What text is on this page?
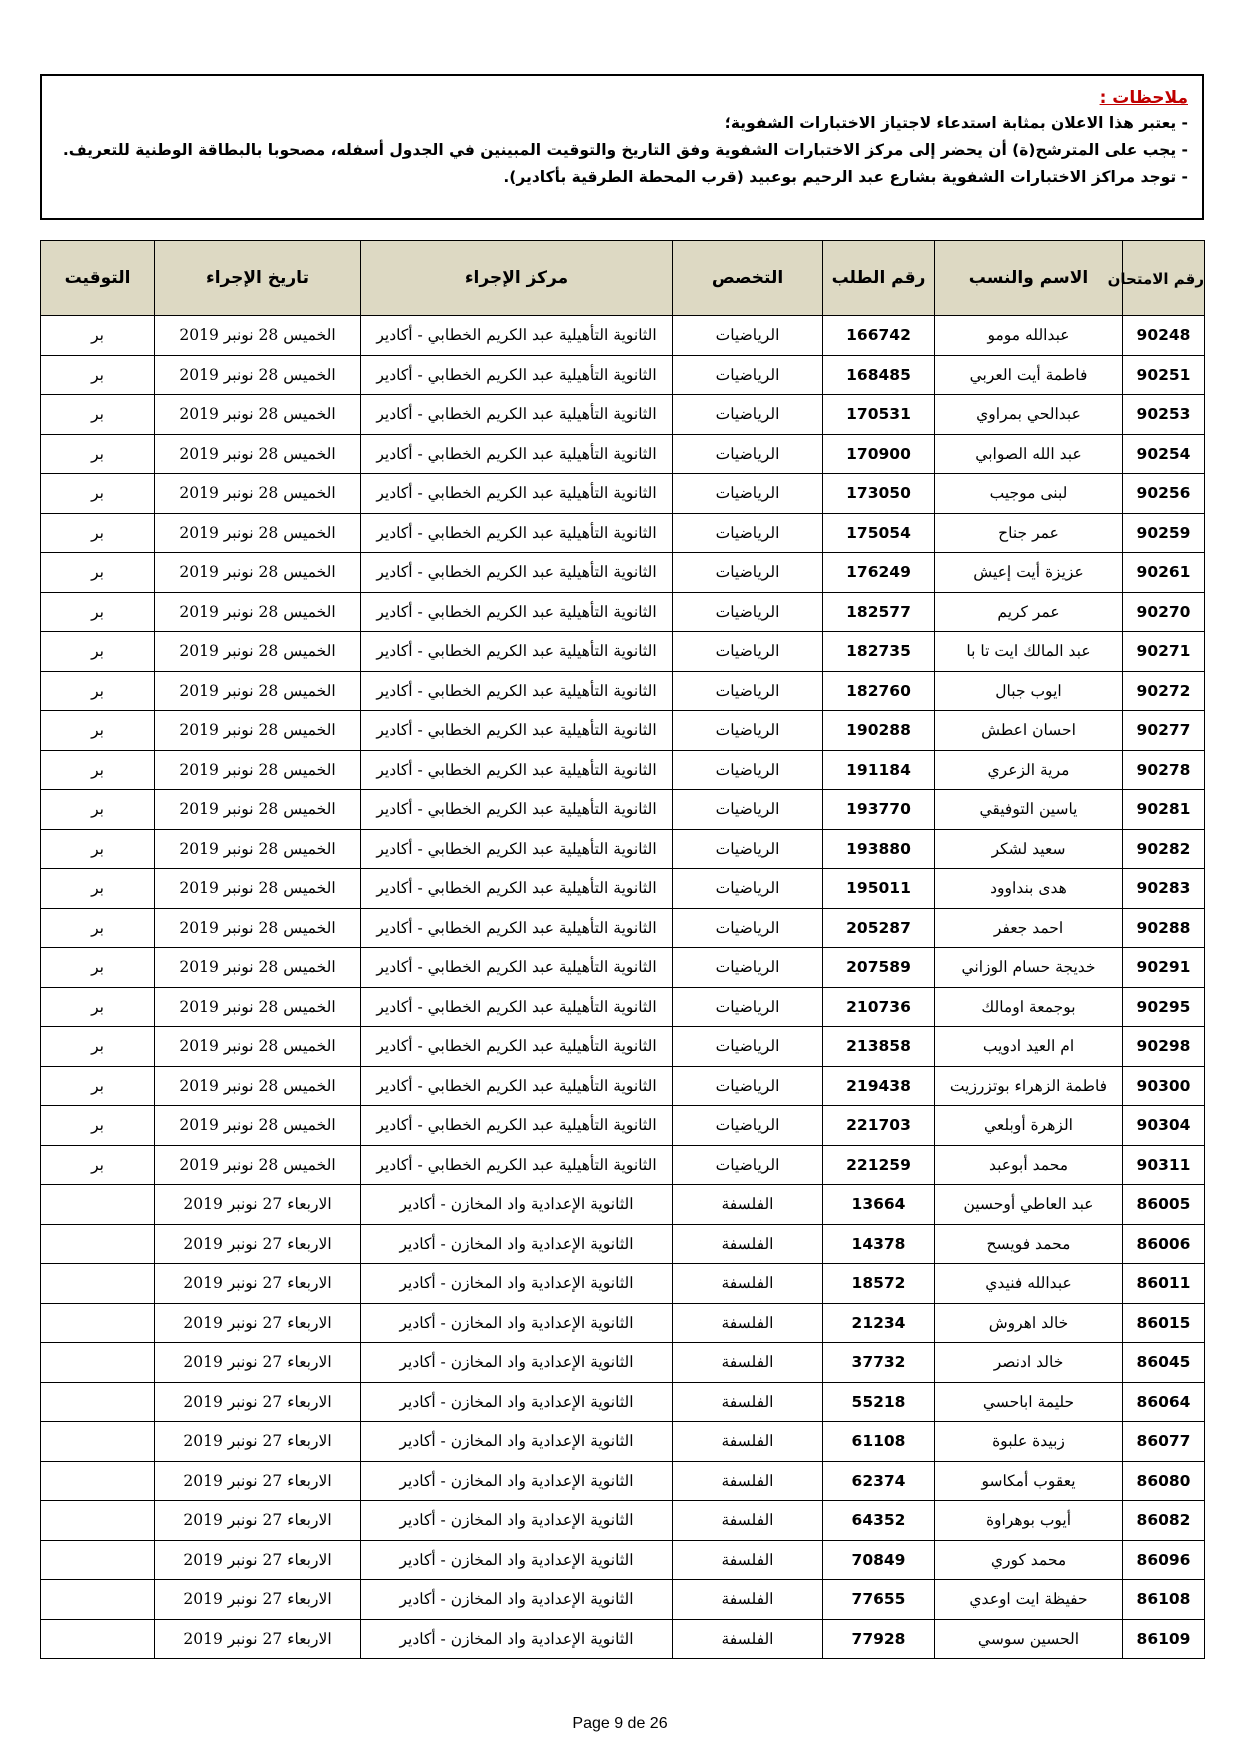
ملاحظات :
- يعتبر هذا الاعلان بمثابة استدعاء لاجتياز الاختبارات الشفوية؛
- يجب على المترشح(ة) أن يحضر إلى مركز الاختبارات الشفوية وفق التاريخ والتوقيت المبينين في الجدول أسفله، مصحوبا بالبطاقة الوطنية للتعريف.
- توجد مراكز الاختبارات الشفوية بشارع عبد الرحيم بوعبيد (قرب المحطة الطرقية بأكادير).
رقم الامتحان	الاسم والنسب	رقم الطلب	التخصص	مركز الإجراء	تاريخ الإجراء	التوقيت
90248	عبدالله مومو	166742	الرياضيات	الثانوية التأهيلية عبد الكريم الخطابي - أكادير	الخميس 28 نونبر 2019	بر
90251	فاطمة أيت العربي	168485	الرياضيات	الثانوية التأهيلية عبد الكريم الخطابي - أكادير	الخميس 28 نونبر 2019	بر
90253	عبدالحي بمراوي	170531	الرياضيات	الثانوية التأهيلية عبد الكريم الخطابي - أكادير	الخميس 28 نونبر 2019	بر
90254	عبد الله الصوابي	170900	الرياضيات	الثانوية التأهيلية عبد الكريم الخطابي - أكادير	الخميس 28 نونبر 2019	بر
90256	لبنى موجيب	173050	الرياضيات	الثانوية التأهيلية عبد الكريم الخطابي - أكادير	الخميس 28 نونبر 2019	بر
90259	عمر جناح	175054	الرياضيات	الثانوية التأهيلية عبد الكريم الخطابي - أكادير	الخميس 28 نونبر 2019	بر
90261	عزيزة أيت إعيش	176249	الرياضيات	الثانوية التأهيلية عبد الكريم الخطابي - أكادير	الخميس 28 نونبر 2019	بر
90270	عمر كريم	182577	الرياضيات	الثانوية التأهيلية عبد الكريم الخطابي - أكادير	الخميس 28 نونبر 2019	بر
90271	عبد المالك ايت تا با	182735	الرياضيات	الثانوية التأهيلية عبد الكريم الخطابي - أكادير	الخميس 28 نونبر 2019	بر
90272	ايوب جبال	182760	الرياضيات	الثانوية التأهيلية عبد الكريم الخطابي - أكادير	الخميس 28 نونبر 2019	بر
90277	احسان اعطش	190288	الرياضيات	الثانوية التأهيلية عبد الكريم الخطابي - أكادير	الخميس 28 نونبر 2019	بر
90278	مرية الزعري	191184	الرياضيات	الثانوية التأهيلية عبد الكريم الخطابي - أكادير	الخميس 28 نونبر 2019	بر
90281	ياسين التوفيقي	193770	الرياضيات	الثانوية التأهيلية عبد الكريم الخطابي - أكادير	الخميس 28 نونبر 2019	بر
90282	سعيد لشكر	193880	الرياضيات	الثانوية التأهيلية عبد الكريم الخطابي - أكادير	الخميس 28 نونبر 2019	بر
90283	هدى بنداوود	195011	الرياضيات	الثانوية التأهيلية عبد الكريم الخطابي - أكادير	الخميس 28 نونبر 2019	بر
90288	احمد جعفر	205287	الرياضيات	الثانوية التأهيلية عبد الكريم الخطابي - أكادير	الخميس 28 نونبر 2019	بر
90291	خديجة حسام الوزاني	207589	الرياضيات	الثانوية التأهيلية عبد الكريم الخطابي - أكادير	الخميس 28 نونبر 2019	بر
90295	بوجمعة اومالك	210736	الرياضيات	الثانوية التأهيلية عبد الكريم الخطابي - أكادير	الخميس 28 نونبر 2019	بر
90298	ام العيد ادويب	213858	الرياضيات	الثانوية التأهيلية عبد الكريم الخطابي - أكادير	الخميس 28 نونبر 2019	بر
90300	فاطمة الزهراء بوتزرزيت	219438	الرياضيات	الثانوية التأهيلية عبد الكريم الخطابي - أكادير	الخميس 28 نونبر 2019	بر
90304	الزهرة أوبلعي	221703	الرياضيات	الثانوية التأهيلية عبد الكريم الخطابي - أكادير	الخميس 28 نونبر 2019	بر
90311	محمد أبوعبد	221259	الرياضيات	الثانوية التأهيلية عبد الكريم الخطابي - أكادير	الخميس 28 نونبر 2019	بر
86005	عبد العاطي أوحسين	13664	الفلسفة	الثانوية الإعدادية واد المخازن - أكادير	الاربعاء 27 نونبر 2019	
86006	محمد فويسح	14378	الفلسفة	الثانوية الإعدادية واد المخازن - أكادير	الاربعاء 27 نونبر 2019	
86011	عبدالله فنيدي	18572	الفلسفة	الثانوية الإعدادية واد المخازن - أكادير	الاربعاء 27 نونبر 2019	
86015	خالد اهروش	21234	الفلسفة	الثانوية الإعدادية واد المخازن - أكادير	الاربعاء 27 نونبر 2019	
86045	خالد ادنصر	37732	الفلسفة	الثانوية الإعدادية واد المخازن - أكادير	الاربعاء 27 نونبر 2019	
86064	حليمة اباحسي	55218	الفلسفة	الثانوية الإعدادية واد المخازن - أكادير	الاربعاء 27 نونبر 2019	
86077	زبيدة علبوة	61108	الفلسفة	الثانوية الإعدادية واد المخازن - أكادير	الاربعاء 27 نونبر 2019	
86080	يعقوب أمكاسو	62374	الفلسفة	الثانوية الإعدادية واد المخازن - أكادير	الاربعاء 27 نونبر 2019	
86082	أيوب بوهراوة	64352	الفلسفة	الثانوية الإعدادية واد المخازن - أكادير	الاربعاء 27 نونبر 2019	
86096	محمد كوري	70849	الفلسفة	الثانوية الإعدادية واد المخازن - أكادير	الاربعاء 27 نونبر 2019	
86108	حفيظة ايت اوعدي	77655	الفلسفة	الثانوية الإعدادية واد المخازن - أكادير	الاربعاء 27 نونبر 2019	
86109	الحسين سوسي	77928	الفلسفة	الثانوية الإعدادية واد المخازن - أكادير	الاربعاء 27 نونبر 2019	
Page 9 de 26
